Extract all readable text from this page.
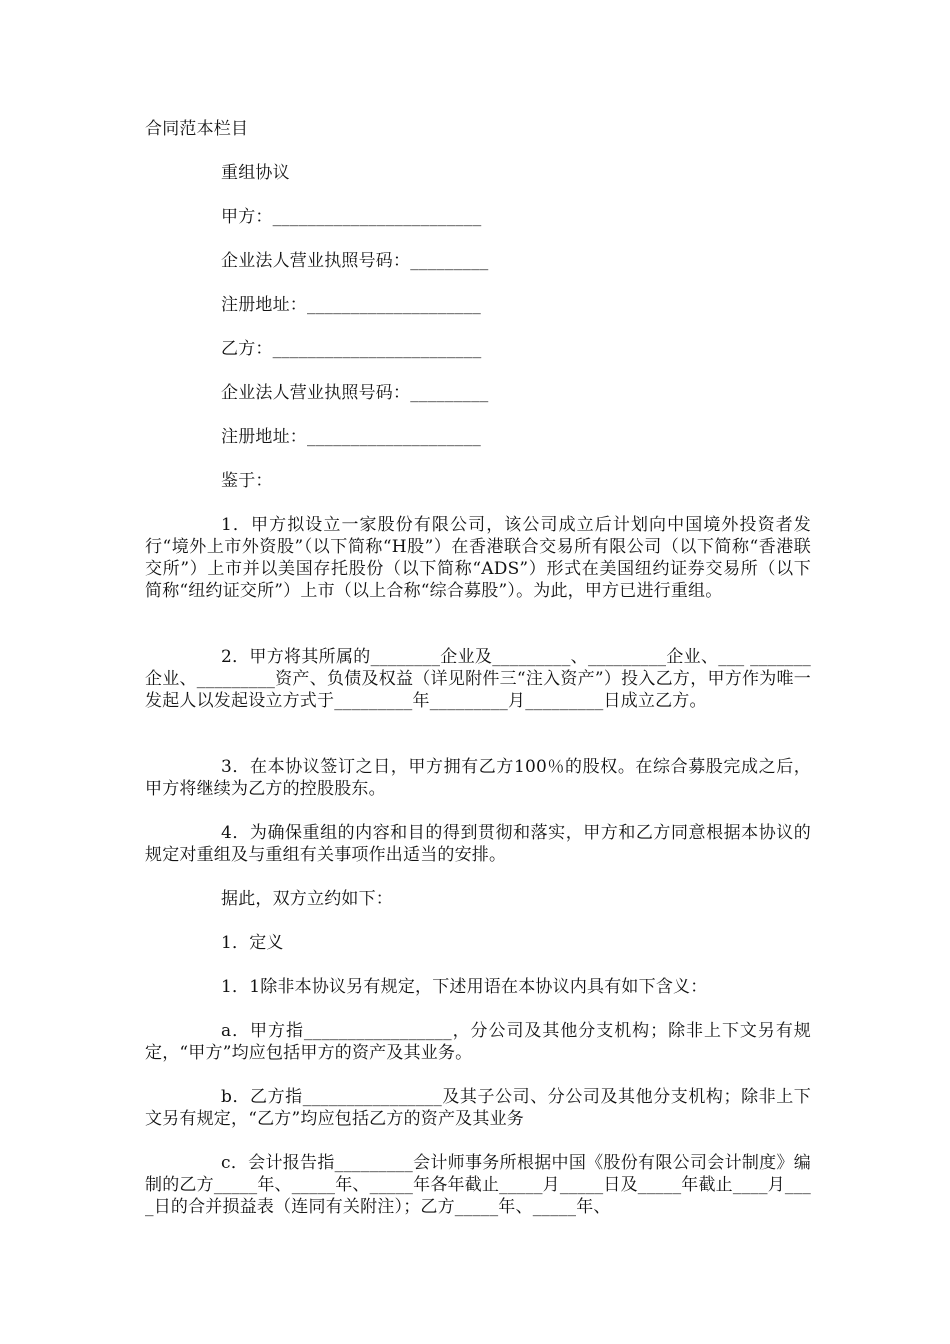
合同范本栏目
重组协议
甲方：________________________
企业法人营业执照号码：_________
注册地址：____________________
乙方：________________________
企业法人营业执照号码：_________
注册地址：____________________
鉴于：
1．甲方拟设立一家股份有限公司，该公司成立后计划向中国境外投资者发行“境外上市外资股”（以下简称“H股”）在香港联合交易所有限公司（以下简称“香港联交所”）上市并以美国存托股份（以下简称“ADS”）形式在美国纽约证券交易所（以下简称“纽约证交所”）上市（以上合称“综合募股”）。为此，甲方已进行重组。
2．甲方将其所属的________企业及_________、_________企业、___ _______企业、_________资产、负债及权益（详见附件三“注入资产”）投入乙方，甲方作为唯一发起人以发起设立方式于_________年_________月_________日成立乙方。
3．在本协议签订之日，甲方拥有乙方100％的股权。在综合募股完成之后，甲方将继续为乙方的控股股东。
4．为确保重组的内容和目的得到贯彻和落实，甲方和乙方同意根据本协议的规定对重组及与重组有关事项作出适当的安排。
据此，双方立约如下：
1．定义
1．1除非本协议另有规定，下述用语在本协议内具有如下含义：
a．甲方指_________________，分公司及其他分支机构；除非上下文另有规定，“甲方”均应包括甲方的资产及其业务。
b．乙方指________________及其子公司、分公司及其他分支机构；除非上下文另有规定，“乙方”均应包括乙方的资产及其业务
c．会计报告指_________会计师事务所根据中国《股份有限公司会计制度》编制的乙方_____年、_____年、_____年各年截止_____月_____日及_____年截止____月____日的合并损益表（连同有关附注）；乙方_____年、_____年、
